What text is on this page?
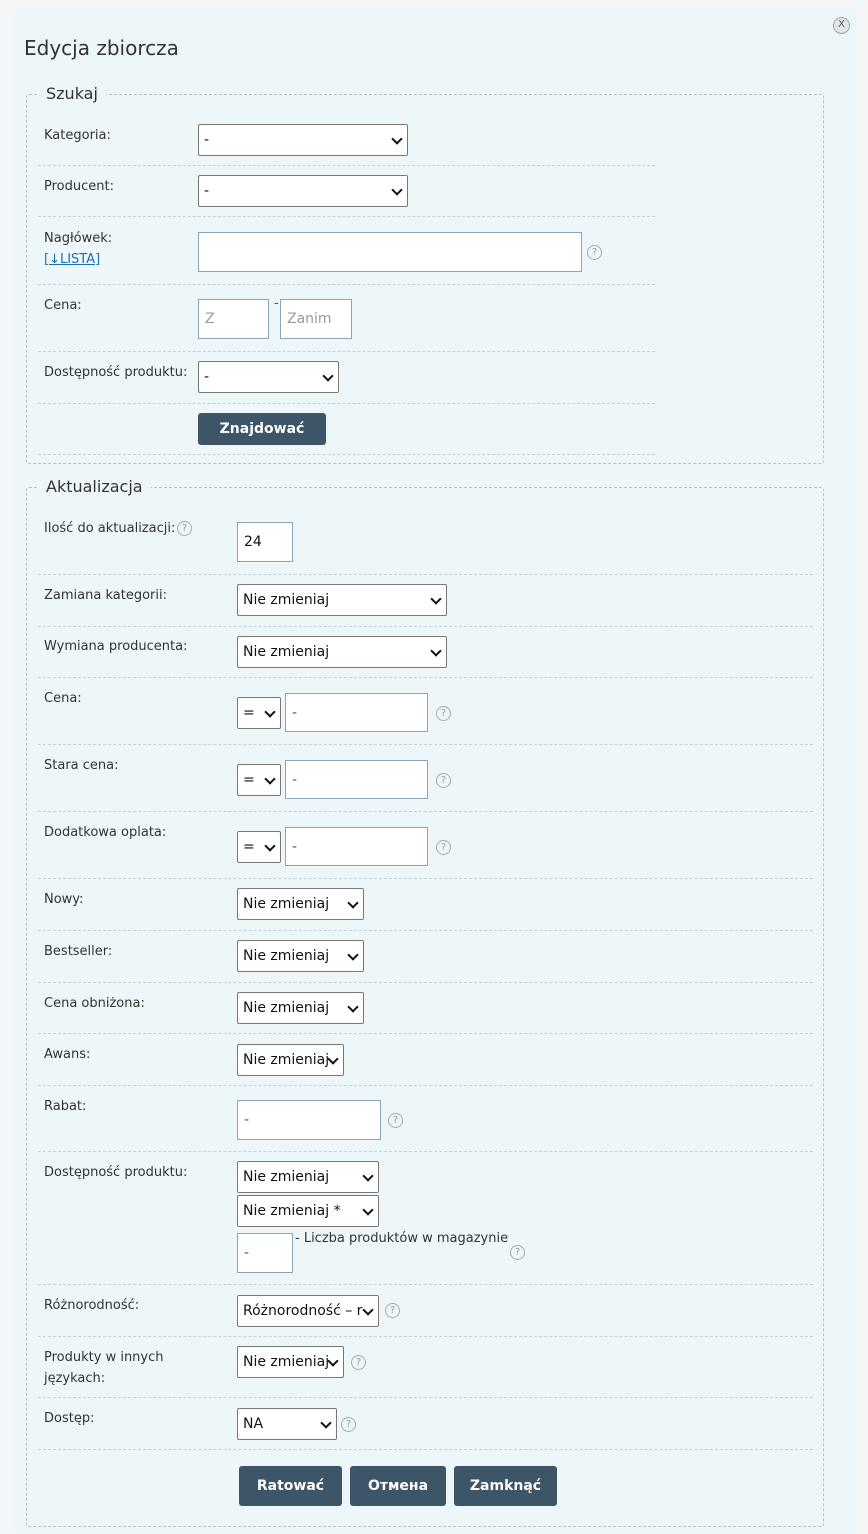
X
Edycja zbiorcza
Szukaj
Kategoria:	-
Producent:	-
Nagłówek:
[↓LISTA]	?
Cena:
Z
-
Zanim
Dostępność produktu:	-
Znajdować
Aktualizacja
Ilość do aktualizacji: ?
24
Zamiana kategorii:	Nie zmieniaj
Wymiana producenta:	Nie zmieniaj
Cena:
=	-	?
Stara cena:
=	-	?
Dodatkowa oplata:
=	-	?
Nowy:	Nie zmieniaj
Bestseller:	Nie zmieniaj
Cena obniżona:	Nie zmieniaj
Awans:	Nie zmieniaj
Rabat:
-	?
Dostępność produktu:	Nie zmieniaj
Nie zmieniaj *
-
- Liczba produktów w magazynie
?
Różnorodność:	Różnorodność – r	?
Produkty w innych
językach:
Nie zmieniaj	?
Dostęp:	NA	?
Ratować	Отмена	Zamknąć
